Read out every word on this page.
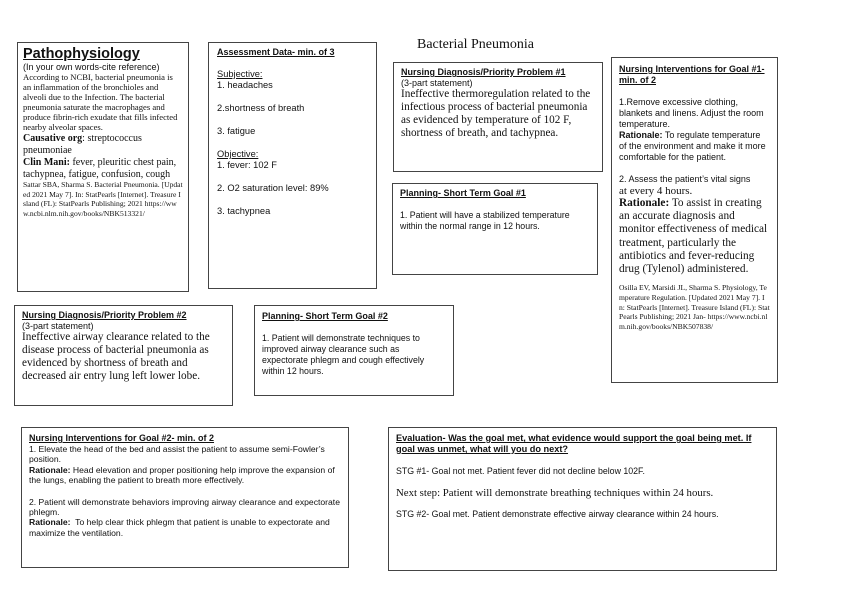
Bacterial Pneumonia
Pathophysiology
(In your own words-cite reference)
According to NCBI, bacterial pneumonia is an inflammation of the bronchioles and alveoli due to the Infection. The bacterial pneumonia saturate the macrophages and produce fibrin-rich exudate that fills infected nearby alveolar spaces.
Causative org: streptococcus pneumoniae
Clin Mani: fever, pleuritic chest pain, tachypnea, fatigue, confusion, cough
Sattar SBA, Sharma S. Bacterial Pneumonia. [Updated 2021 May 7]. In: StatPearls [Internet]. Treasure Island (FL): StatPearls Publishing; 2021 https://www.ncbi.nlm.nih.gov/books/NBK513321/
Assessment Data- min. of 3
Subjective:
1. headaches
2.shortness of breath
3. fatigue
Objective:
1. fever: 102 F
2. O2 saturation level: 89%
3. tachypnea
Nursing Diagnosis/Priority Problem #1
(3-part statement)
Ineffective thermoregulation related to the infectious process of bacterial pneumonia as evidenced by temperature of 102 F, shortness of breath, and tachypnea.
Planning- Short Term Goal #1
1. Patient will have a stabilized temperature within the normal range in 12 hours.
Nursing Interventions for Goal #1- min. of 2
1.Remove excessive clothing, blankets and linens. Adjust the room temperature.
Rationale: To regulate temperature of the environment and make it more comfortable for the patient.
2. Assess the patient’s vital signs
at every 4 hours.
Rationale: To assist in creating an accurate diagnosis and monitor effectiveness of medical treatment, particularly the antibiotics and fever-reducing drug (Tylenol) administered.
Osilla EV, Marsidi JL, Sharma S. Physiology, Temperature Regulation. [Updated 2021 May 7]. In: StatPearls [Internet]. Treasure Island (FL): StatPearls Publishing; 2021 Jan- https://www.ncbi.nlm.nih.gov/books/NBK507838/
Nursing Diagnosis/Priority Problem #2
(3-part statement)
Ineffective airway clearance related to the disease process of bacterial pneumonia as evidenced by shortness of breath and decreased air entry lung left lower lobe.
Planning- Short Term Goal #2
1. Patient will demonstrate techniques to improved airway clearance such as expectorate phlegm and cough effectively within 12 hours.
Nursing Interventions for Goal #2- min. of 2
1. Elevate the head of the bed and assist the patient to assume semi-Fowler’s position.
Rationale: Head elevation and proper positioning help improve the expansion of the lungs, enabling the patient to breath more effectively.
2. Patient will demonstrate behaviors improving airway clearance and expectorate phlegm.
Rationale:  To help clear thick phlegm that patient is unable to expectorate and maximize the ventilation.
Evaluation- Was the goal met, what evidence would support the goal being met. If goal was unmet, what will you do next?
STG #1- Goal not met. Patient fever did not decline below 102F.
Next step: Patient will demonstrate breathing techniques within 24 hours.
STG #2- Goal met. Patient demonstrate effective airway clearance within 24 hours.
